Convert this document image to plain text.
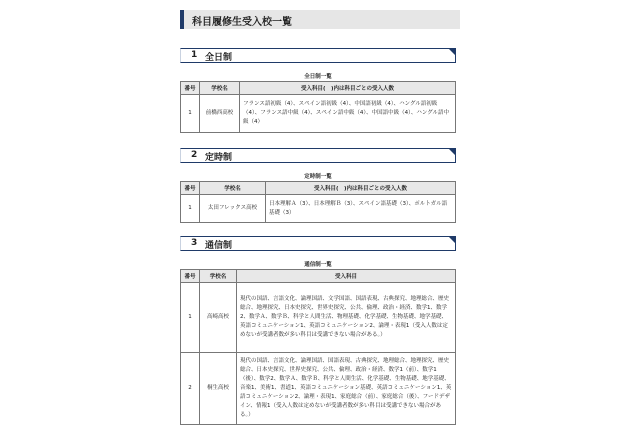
科目履修生受入校一覧
1 全日制
全日制一覧
番号	学校名	受入科目(　)内は科目ごとの受入人数
1	前橋西高校	フランス語初級（4）、スペイン語初級（4）、中国語初級（4）、ハングル語初級（4）、フランス語中級（4）、スペイン語中級（4）、中国語中級（4）、ハングル語中級（4）
2 定時制
定時制一覧
番号	学校名	受入科目(　)内は科目ごとの受入人数
1	太田フレックス高校	日本理解Ａ（3）、日本理解Ｂ（3）、スペイン語基礎（3）、ポルトガル語基礎（3）
3 通信制
通信制一覧
番号	学校名	受入科目
1	高崎高校	現代の国語、言語文化、論理国語、文学国語、国語表現、古典探究、地理総合、歴史総合、地理探究、日本史探究、世界史探究、公共、倫理、政治・経済、数学1、数学2、数学Ａ、数学Ｂ、科学と人間生活、物理基礎、化学基礎、生物基礎、地学基礎、英語コミュニケーション1、英語コミュニケーション2、論理・表現1（受入人数は定めないが受講者数が多い科目は受講できない場合がある。）
2	桐生高校	現代の国語、言語文化、論理国語、国語表現、古典探究、地理総合、地理探究、歴史総合、日本史探究、世界史探究、公共、倫理、政治・経済、数学1（前）、数学1（後）、数学2、数学Ａ、数学Ｂ、科学と人間生活、化学基礎、生物基礎、地学基礎、音楽1、美術1、書道1、英語コミュニケーション基礎、英語コミュニケーション1、英語コミュニケーション2、論理・表現1、家庭総合（前）、家庭総合（後）、フードデザイン、情報1（受入人数は定めないが受講者数が多い科目は受講できない場合がある。）
